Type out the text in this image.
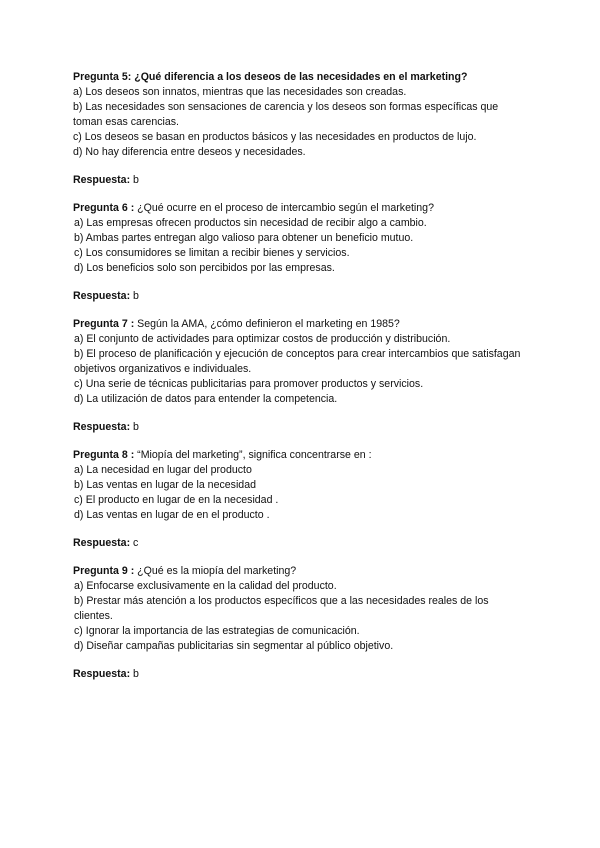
Pregunta 5: ¿Qué diferencia a los deseos de las necesidades en el marketing?
a) Los deseos son innatos, mientras que las necesidades son creadas.
b) Las necesidades son sensaciones de carencia y los deseos son formas específicas que toman esas carencias.
c) Los deseos se basan en productos básicos y las necesidades en productos de lujo.
d) No hay diferencia entre deseos y necesidades.
Respuesta: b
Pregunta 6 : ¿Qué ocurre en el proceso de intercambio según el marketing?
a) Las empresas ofrecen productos sin necesidad de recibir algo a cambio.
b) Ambas partes entregan algo valioso para obtener un beneficio mutuo.
c) Los consumidores se limitan a recibir bienes y servicios.
d) Los beneficios solo son percibidos por las empresas.
Respuesta: b
Pregunta 7 : Según la AMA, ¿cómo definieron el marketing en 1985?
a) El conjunto de actividades para optimizar costos de producción y distribución.
b) El proceso de planificación y ejecución de conceptos para crear intercambios que satisfagan objetivos organizativos e individuales.
c) Una serie de técnicas publicitarias para promover productos y servicios.
d) La utilización de datos para entender la competencia.
Respuesta: b
Pregunta 8 : “Miopía del marketing”, significa concentrarse en :
a) La necesidad en lugar del producto
b) Las ventas en lugar de la necesidad
c) El producto en lugar de en la necesidad .
d) Las ventas en lugar de en el producto .
Respuesta: c
Pregunta 9 : ¿Qué es la miopía del marketing?
a) Enfocarse exclusivamente en la calidad del producto.
b) Prestar más atención a los productos específicos que a las necesidades reales de los clientes.
c) Ignorar la importancia de las estrategias de comunicación.
d) Diseñar campañas publicitarias sin segmentar al público objetivo.
Respuesta: b
